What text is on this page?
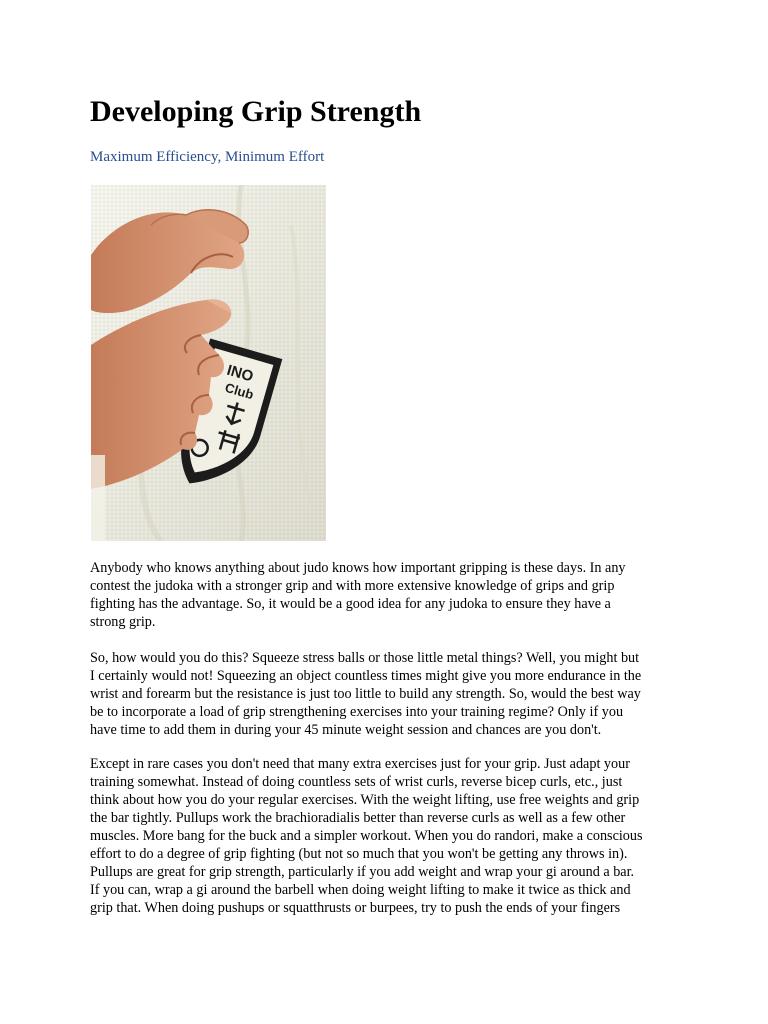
Developing Grip Strength

Maximum Efficiency, Minimum Effort

INO
Club

Anybody who knows anything about judo knows how important gripping is these days. In any
contest the judoka with a stronger grip and with more extensive knowledge of grips and grip
fighting has the advantage. So, it would be a good idea for any judoka to ensure they have a
strong grip.

So, how would you do this? Squeeze stress balls or those little metal things? Well, you might but
I certainly would not! Squeezing an object countless times might give you more endurance in the
wrist and forearm but the resistance is just too little to build any strength. So, would the best way
be to incorporate a load of grip strengthening exercises into your training regime? Only if you
have time to add them in during your 45 minute weight session and chances are you don't.

Except in rare cases you don't need that many extra exercises just for your grip. Just adapt your
training somewhat. Instead of doing countless sets of wrist curls, reverse bicep curls, etc., just
think about how you do your regular exercises. With the weight lifting, use free weights and grip
the bar tightly. Pullups work the brachioradialis better than reverse curls as well as a few other
muscles. More bang for the buck and a simpler workout. When you do randori, make a conscious
effort to do a degree of grip fighting (but not so much that you won't be getting any throws in).
Pullups are great for grip strength, particularly if you add weight and wrap your gi around a bar.
If you can, wrap a gi around the barbell when doing weight lifting to make it twice as thick and
grip that. When doing pushups or squatthrusts or burpees, try to push the ends of your fingers
